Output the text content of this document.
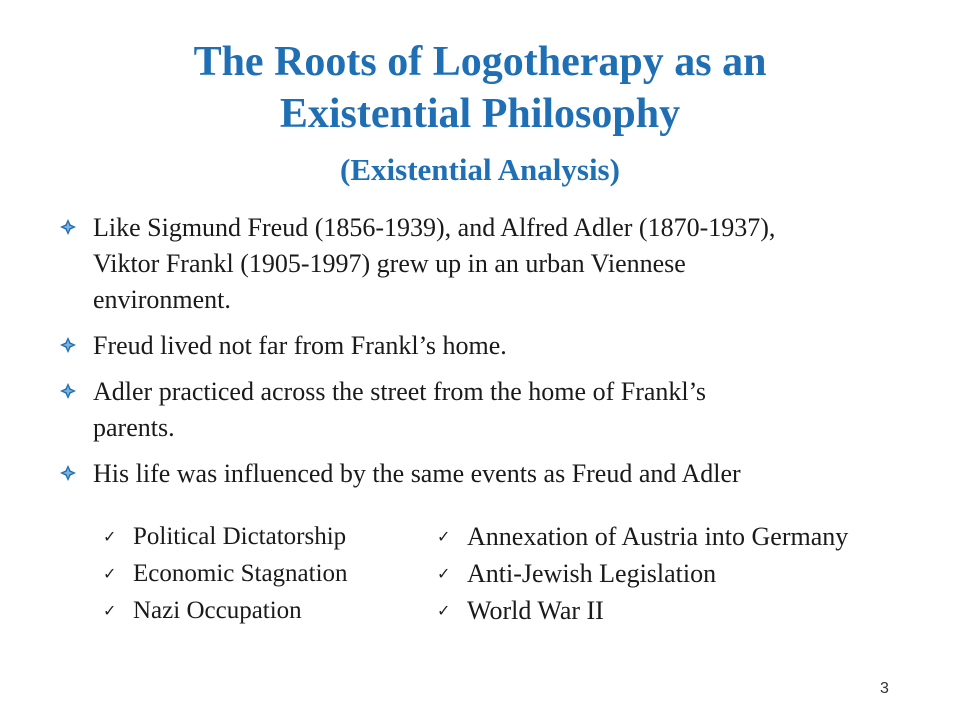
The Roots of Logotherapy as an
Existential Philosophy
(Existential Analysis)
Like Sigmund Freud (1856-1939), and Alfred Adler (1870-1937),
Viktor Frankl (1905-1997) grew up in an urban Viennese
environment.
Freud lived not far from Frankl’s home.
Adler practiced across the street from the home of Frankl’s
parents.
His life was influenced by the same events as Freud and Adler
✓ Political Dictatorship
✓ Economic Stagnation
✓ Nazi Occupation
✓ Annexation of Austria into Germany
✓ Anti-Jewish Legislation
✓ World War II
3
